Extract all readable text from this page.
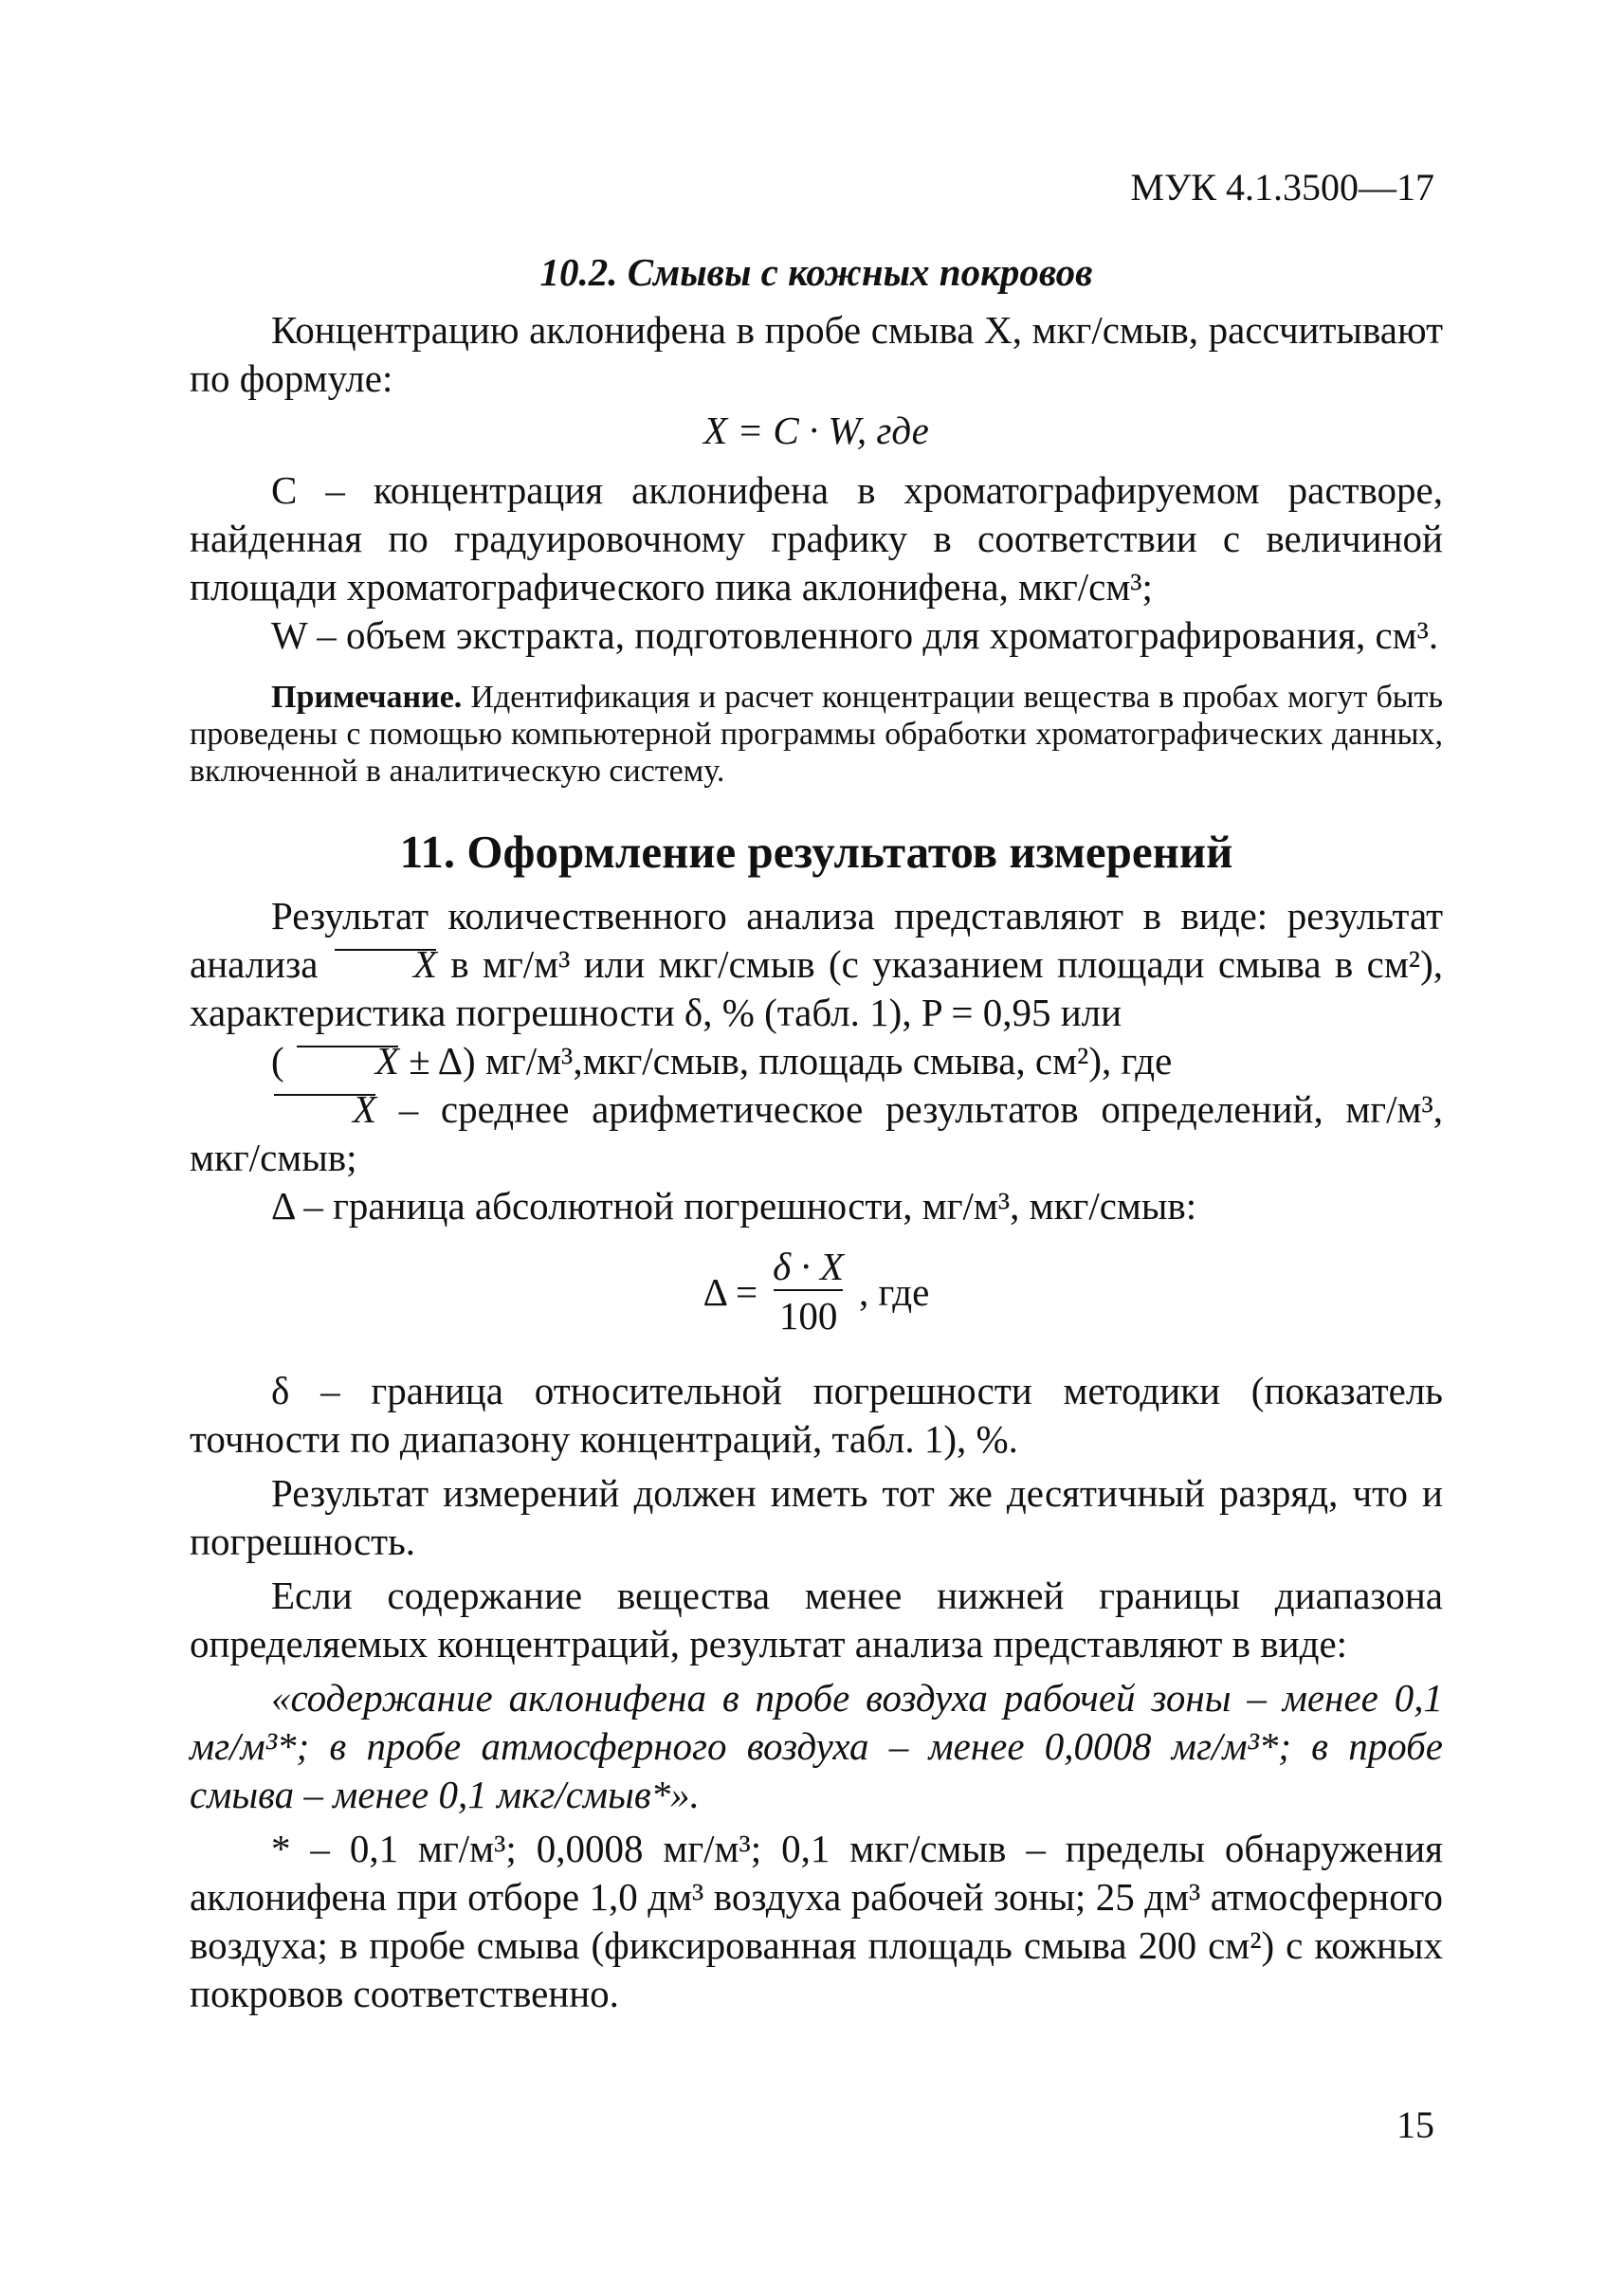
МУК 4.1.3500—17
10.2. Смывы с кожных покровов

Концентрацию аклонифена в пробе смыва X, мкг/смыв, рассчитывают по формуле:

X = C · W, где

C – концентрация аклонифена в хроматографируемом растворе, найденная по градуировочному графику в соответствии с величиной площади хроматографического пика аклонифена, мкг/см³;

W – объем экстракта, подготовленного для хроматографирования, см³.

Примечание. Идентификация и расчет концентрации вещества в пробах могут быть проведены с помощью компьютерной программы обработки хроматографических данных, включенной в аналитическую систему.

11. Оформление результатов измерений

Результат количественного анализа представляют в виде: результат анализа X в мг/м³ или мкг/смыв (с указанием площади смыва в см²), характеристика погрешности δ, % (табл. 1), P = 0,95 или

( X ± Δ) мг/м³,мкг/смыв, площадь смыва, см²), где

X – среднее арифметическое результатов определений, мг/м³, мкг/смыв;

Δ – граница абсолютной погрешности, мг/м³, мкг/смыв:

$\Delta = \frac{\delta \cdot X}{100}$ , где

δ – граница относительной погрешности методики (показатель точности по диапазону концентраций, табл. 1), %.

Результат измерений должен иметь тот же десятичный разряд, что и погрешность.

Если содержание вещества менее нижней границы диапазона определяемых концентраций, результат анализа представляют в виде:

«содержание аклонифена в пробе воздуха рабочей зоны – менее 0,1 мг/м³*; в пробе атмосферного воздуха – менее 0,0008 мг/м³*; в пробе смыва – менее 0,1 мкг/смыв*».

* – 0,1 мг/м³; 0,0008 мг/м³; 0,1 мкг/смыв – пределы обнаружения аклонифена при отборе 1,0 дм³ воздуха рабочей зоны; 25 дм³ атмосферного воздуха; в пробе смыва (фиксированная площадь смыва 200 см²) с кожных покровов соответственно.

15
